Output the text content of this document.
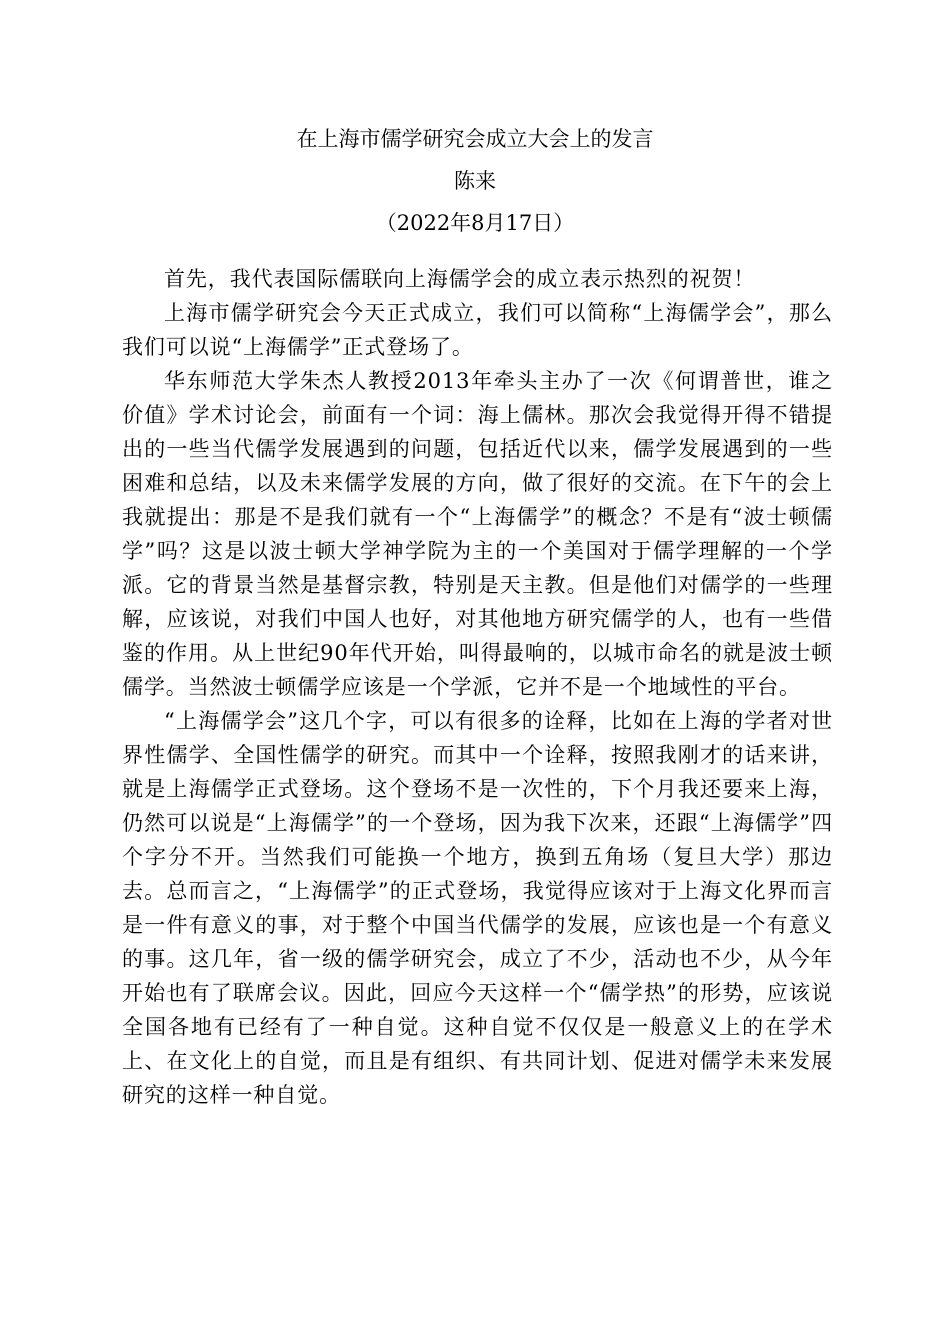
在上海市儒学研究会成立大会上的发言
陈来
（2022年8月17日）

首先，我代表国际儒联向上海儒学会的成立表示热烈的祝贺！

上海市儒学研究会今天正式成立，我们可以简称“上海儒学会”，那么我们可以说“上海儒学”正式登场了。

华东师范大学朱杰人教授2013年牵头主办了一次《何谓普世，谁之价值》学术讨论会，前面有一个词：海上儒林。那次会我觉得开得不错提出的一些当代儒学发展遇到的问题，包括近代以来，儒学发展遇到的一些困难和总结，以及未来儒学发展的方向，做了很好的交流。在下午的会上我就提出：那是不是我们就有一个“上海儒学”的概念？不是有“波士顿儒学”吗？这是以波士顿大学神学院为主的一个美国对于儒学理解的一个学派。它的背景当然是基督宗教，特别是天主教。但是他们对儒学的一些理解，应该说，对我们中国人也好，对其他地方研究儒学的人，也有一些借鉴的作用。从上世纪90年代开始，叫得最响的，以城市命名的就是波士顿儒学。当然波士顿儒学应该是一个学派，它并不是一个地域性的平台。

“上海儒学会”这几个字，可以有很多的诠释，比如在上海的学者对世界性儒学、全国性儒学的研究。而其中一个诠释，按照我刚才的话来讲，就是上海儒学正式登场。这个登场不是一次性的，下个月我还要来上海，仍然可以说是“上海儒学”的一个登场，因为我下次来，还跟“上海儒学”四个字分不开。当然我们可能换一个地方，换到五角场（复旦大学）那边去。总而言之，“上海儒学”的正式登场，我觉得应该对于上海文化界而言是一件有意义的事，对于整个中国当代儒学的发展，应该也是一个有意义的事。这几年，省一级的儒学研究会，成立了不少，活动也不少，从今年开始也有了联席会议。因此，回应今天这样一个“儒学热”的形势，应该说全国各地有已经有了一种自觉。这种自觉不仅仅是一般意义上的在学术上、在文化上的自觉，而且是有组织、有共同计划、促进对儒学未来发展研究的这样一种自觉。
